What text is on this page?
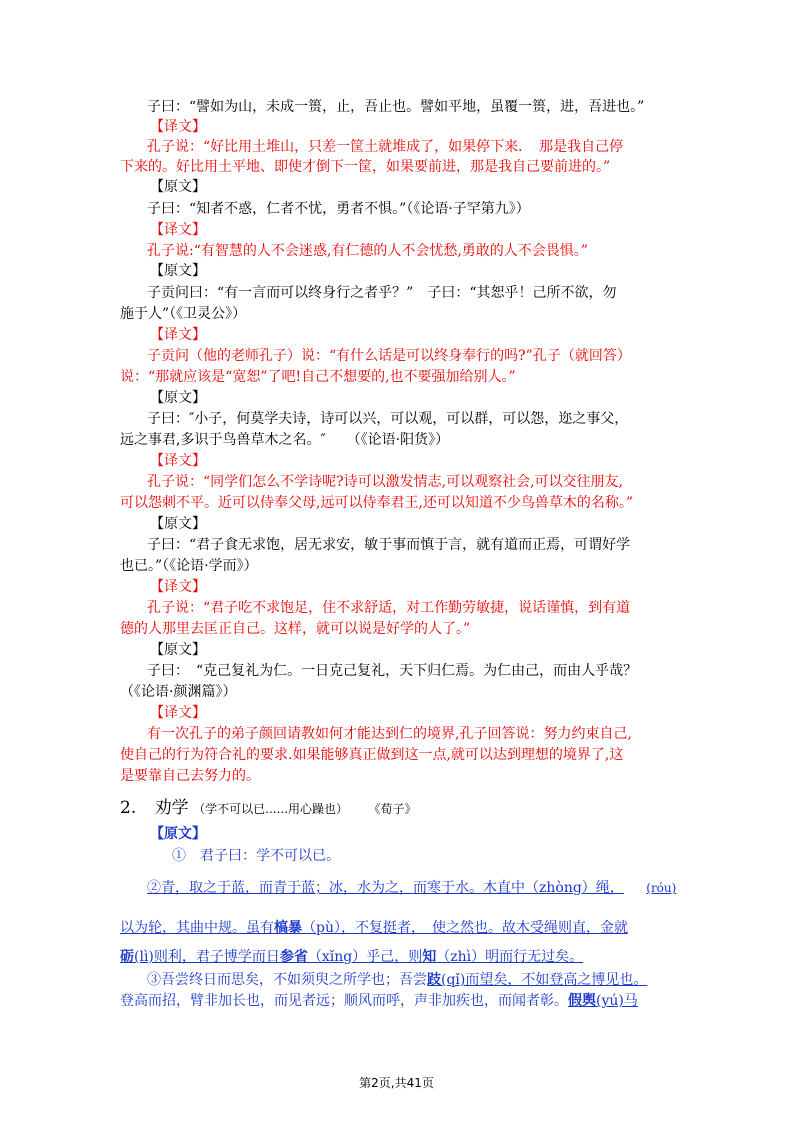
子曰：“譬如为山，未成一篑，止，吾止也。譬如平地，虽覆一篑，进，吾进也。”
【译文】
孔子说：“好比用土堆山，只差一筐土就堆成了，如果停下来．　那是我自己停
下来的。好比用土平地、即使才倒下一筐，如果要前进，那是我自己要前进的。”
【原文】
子曰：“知者不惑，仁者不忧，勇者不惧。”（《论语·子罕第九》）
【译文】
孔子说:“有智慧的人不会迷惑,有仁德的人不会忧愁,勇敢的人不会畏惧。”
【原文】
子贡问曰：“有一言而可以终身行之者乎？”　子曰：“其恕乎！己所不欲，勿
施于人”（《卫灵公》）
【译文】
子贡问（他的老师孔子）说：“有什么话是可以终身奉行的吗?”孔子（就回答）
说：“那就应该是“宽恕”了吧!自己不想要的,也不要强加给别人。”
【原文】
子曰：″小子，何莫学夫诗，诗可以兴，可以观，可以群，可以怨，迩之事父，
远之事君,多识于鸟兽草木之名。″　　（《论语·阳货》）
【译文】
孔子说：“同学们怎么不学诗呢?诗可以激发情志,可以观察社会,可以交往朋友,
可以怨刺不平。近可以侍奉父母,远可以侍奉君王,还可以知道不少鸟兽草木的名称。”
【原文】
子曰：“君子食无求饱，居无求安，敏于事而慎于言，就有道而正焉，可谓好学
也已。”（《论语·学而》）
【译文】
孔子说：“君子吃不求饱足，住不求舒适，对工作勤劳敏捷，说话谨慎，到有道
德的人那里去匡正自己。这样，就可以说是好学的人了。”
【原文】
子曰：　“克己复礼为仁。一日克己复礼，天下归仁焉。为仁由己，而由人乎哉？
（《论语·颜渊篇》）
【译文】
有一次孔子的弟子颜回请教如何才能达到仁的境界,孔子回答说：努力约束自己,
使自己的行为符合礼的要求.如果能够真正做到这一点,就可以达到理想的境界了,这
是要靠自己去努力的。
2. 劝学 （学不可以已......用心躁也） 《荀子》
【原文】
①　君子曰：学不可以已。
②青，取之于蓝，而青于蓝；冰，水为之，而寒于水。木直中（zhòng）绳， (róu)
以为轮，其曲中规。虽有槁暴（pù），不复挺者，　使之然也。故木受绳则直，金就
砺(lì)则利，君子博学而日参省（xǐng）乎己，则知（zhì）明而行无过矣。
③吾尝终日而思矣，不如须臾之所学也；吾尝跂(qǐ)而望矣，不如登高之博见也。
登高而招，臂非加长也，而见者远；顺风而呼，声非加疾也，而闻者彰。假舆(yú)马
第2页,共41页
